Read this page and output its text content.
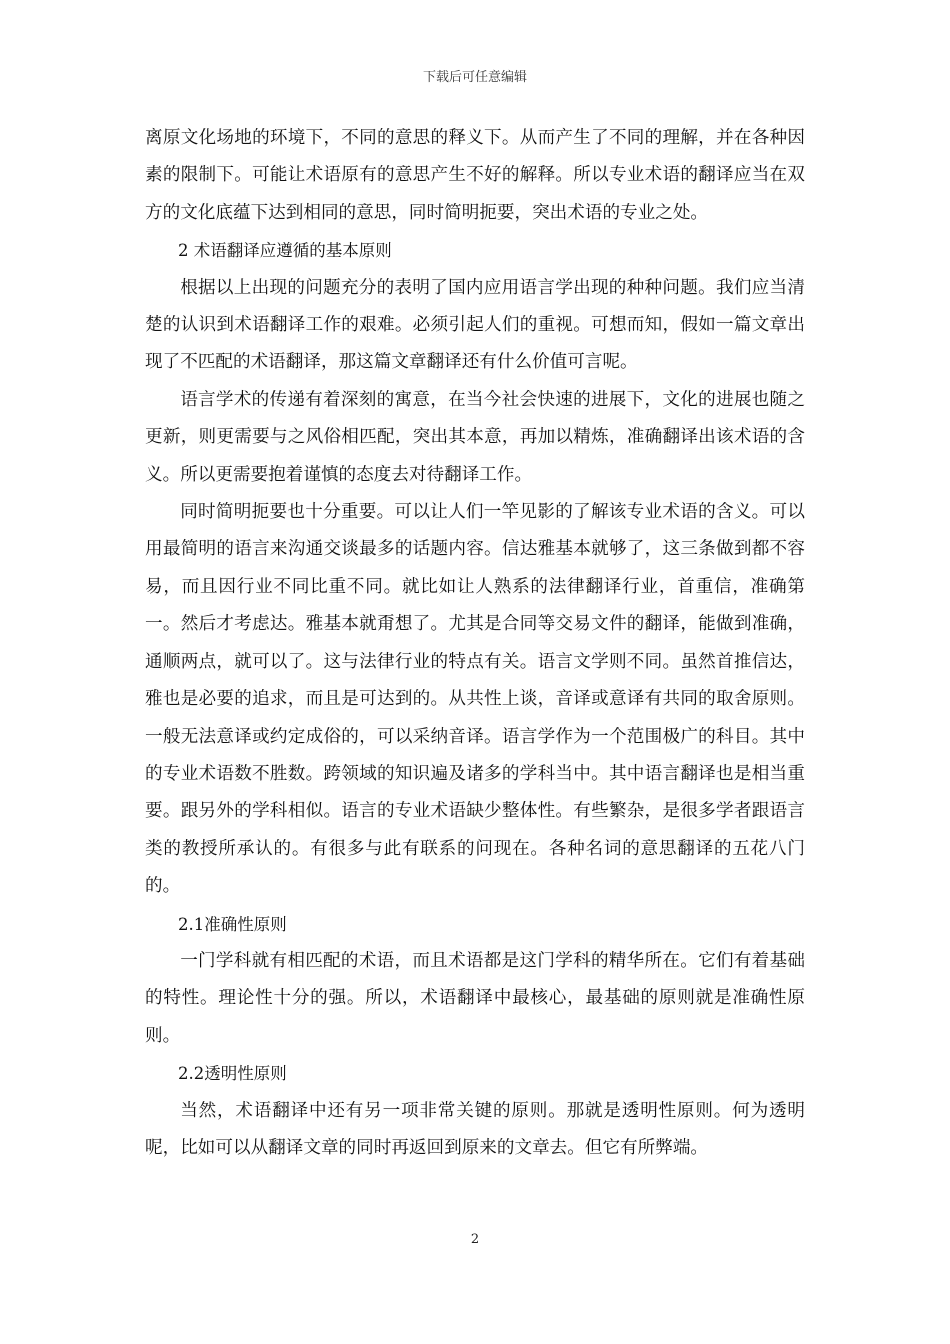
下载后可任意编辑

离原文化场地的环境下，不同的意思的释义下。从而产生了不同的理解，并在各种因素的限制下。可能让术语原有的意思产生不好的解释。所以专业术语的翻译应当在双方的文化底蕴下达到相同的意思，同时简明扼要，突出术语的专业之处。

2 术语翻译应遵循的基本原则

根据以上出现的问题充分的表明了国内应用语言学出现的种种问题。我们应当清楚的认识到术语翻译工作的艰难。必须引起人们的重视。可想而知，假如一篇文章出现了不匹配的术语翻译，那这篇文章翻译还有什么价值可言呢。

语言学术的传递有着深刻的寓意，在当今社会快速的进展下，文化的进展也随之更新，则更需要与之风俗相匹配，突出其本意，再加以精炼，准确翻译出该术语的含义。所以更需要抱着谨慎的态度去对待翻译工作。

同时简明扼要也十分重要。可以让人们一竿见影的了解该专业术语的含义。可以用最简明的语言来沟通交谈最多的话题内容。信达雅基本就够了，这三条做到都不容易，而且因行业不同比重不同。就比如让人熟系的法律翻译行业，首重信，准确第一。然后才考虑达。雅基本就甭想了。尤其是合同等交易文件的翻译，能做到准确，通顺两点，就可以了。这与法律行业的特点有关。语言文学则不同。虽然首推信达，雅也是必要的追求，而且是可达到的。从共性上谈，音译或意译有共同的取舍原则。一般无法意译或约定成俗的，可以采纳音译。语言学作为一个范围极广的科目。其中的专业术语数不胜数。跨领域的知识遍及诸多的学科当中。其中语言翻译也是相当重要。跟另外的学科相似。语言的专业术语缺少整体性。有些繁杂，是很多学者跟语言类的教授所承认的。有很多与此有联系的问现在。各种名词的意思翻译的五花八门的。

2.1准确性原则

一门学科就有相匹配的术语，而且术语都是这门学科的精华所在。它们有着基础的特性。理论性十分的强。所以，术语翻译中最核心，最基础的原则就是准确性原则。

2.2透明性原则

当然，术语翻译中还有另一项非常关键的原则。那就是透明性原则。何为透明呢，比如可以从翻译文章的同时再返回到原来的文章去。但它有所弊端。

2
